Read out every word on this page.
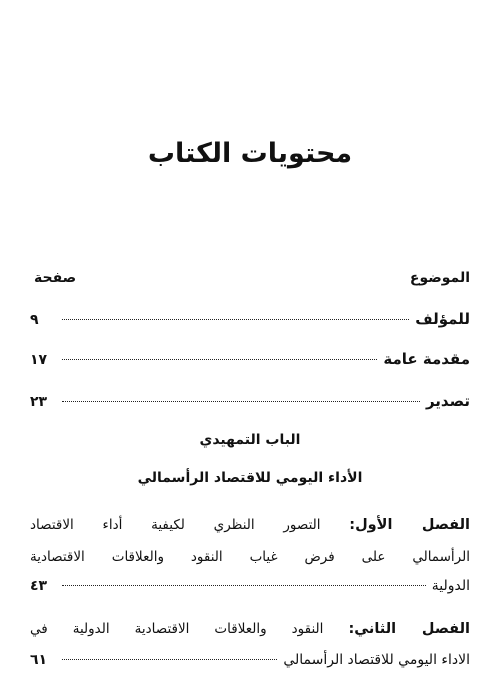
محتويات الكتاب
الموضوع
صفحة
للمؤلف
٩
مقدمة عامة
١٧
تصدير
٢٣
الباب التمهيدي
الأداء اليومي للاقتصاد الرأسمالي
الفصل الأول: التصور النظري لكيفية أداء الاقتصاد
الرأسمالي على فرض غياب النقود والعلاقات الاقتصادية
الدولية
٤٣
الفصل الثاني: النقود والعلاقات الاقتصادية الدولية في
الاداء اليومي للاقتصاد الرأسمالي
٦١
